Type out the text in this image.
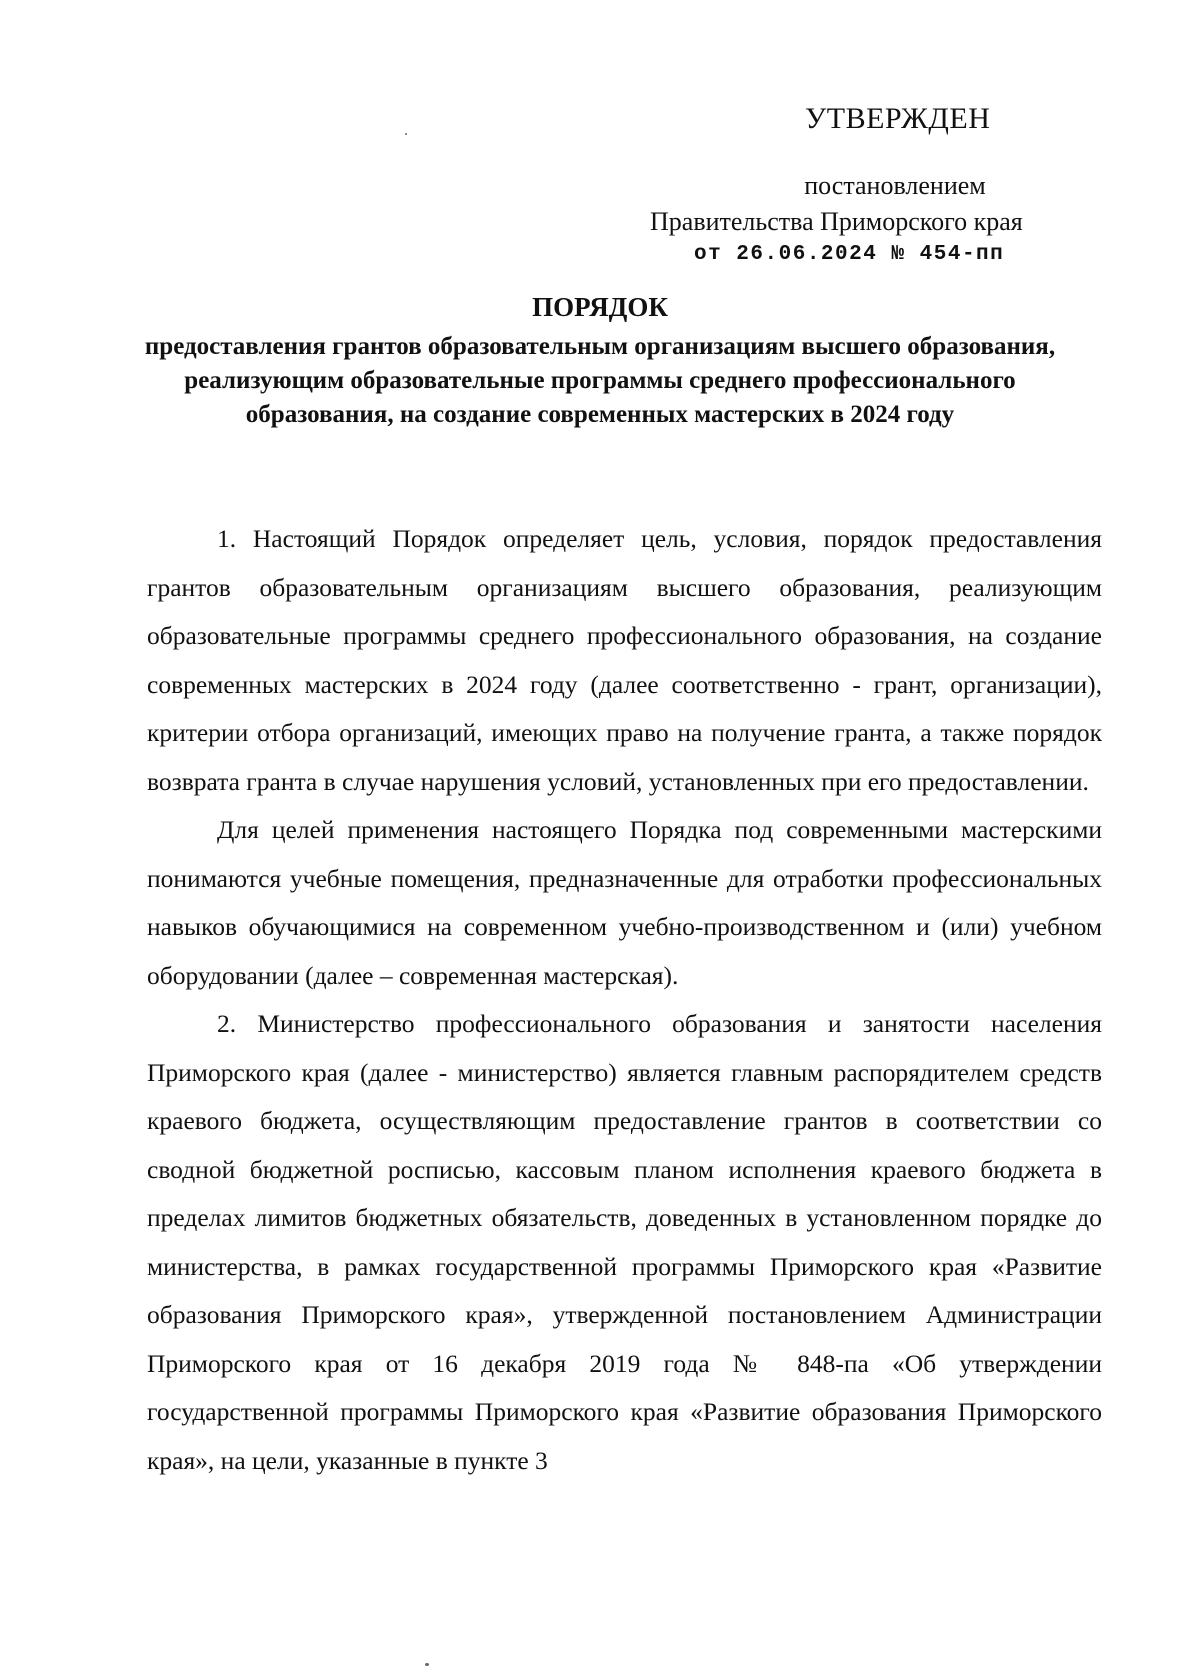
УТВЕРЖДЕН
постановлением
Правительства Приморского края
от 26.06.2024 № 454-пп
ПОРЯДОК
предоставления грантов образовательным организациям высшего образования, реализующим образовательные программы среднего профессионального образования, на создание современных мастерских в 2024 году

1. Настоящий Порядок определяет цель, условия, порядок предоставления грантов образовательным организациям высшего образования, реализующим образовательные программы среднего профессионального образования, на создание современных мастерских в 2024 году (далее соответственно - грант, организации), критерии отбора организаций, имеющих право на получение гранта, а также порядок возврата гранта в случае нарушения условий, установленных при его предоставлении.

Для целей применения настоящего Порядка под современными мастерскими понимаются учебные помещения, предназначенные для отработки профессиональных навыков обучающимися на современном учебно-производственном и (или) учебном оборудовании (далее – современная мастерская).

2. Министерство профессионального образования и занятости населения Приморского края (далее - министерство) является главным распорядителем средств краевого бюджета, осуществляющим предоставление грантов в соответствии со сводной бюджетной росписью, кассовым планом исполнения краевого бюджета в пределах лимитов бюджетных обязательств, доведенных в установленном порядке до министерства, в рамках государственной программы Приморского края «Развитие образования Приморского края», утвержденной постановлением Администрации Приморского края от 16 декабря 2019 года № 848-па «Об утверждении государственной программы Приморского края «Развитие образования Приморского края», на цели, указанные в пункте 3
